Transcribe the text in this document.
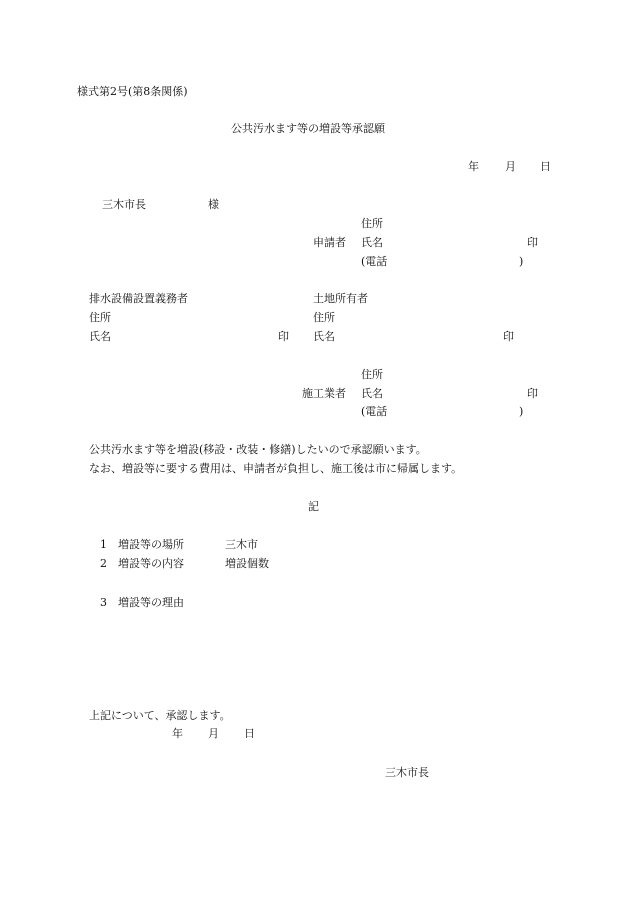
様式第2号(第8条関係)
公共汚水ます等の増設等承認願
年 月 日
三木市長	様
住所
申請者 氏名	印
(電話	)
排水設備設置義務者	土地所有者
住所	住所
氏名	印 氏名	印
住所
施工業者 氏名	印
(電話	)
公共汚水ます等を増設(移設・改装・修繕)したいので承認願います。
なお、増設等に要する費用は、申請者が負担し、施工後は市に帰属します。
記
1 増設等の場所	三木市
2 増設等の内容	増設個数
3 増設等の理由
上記について、承認します。
年 月 日
三木市長
